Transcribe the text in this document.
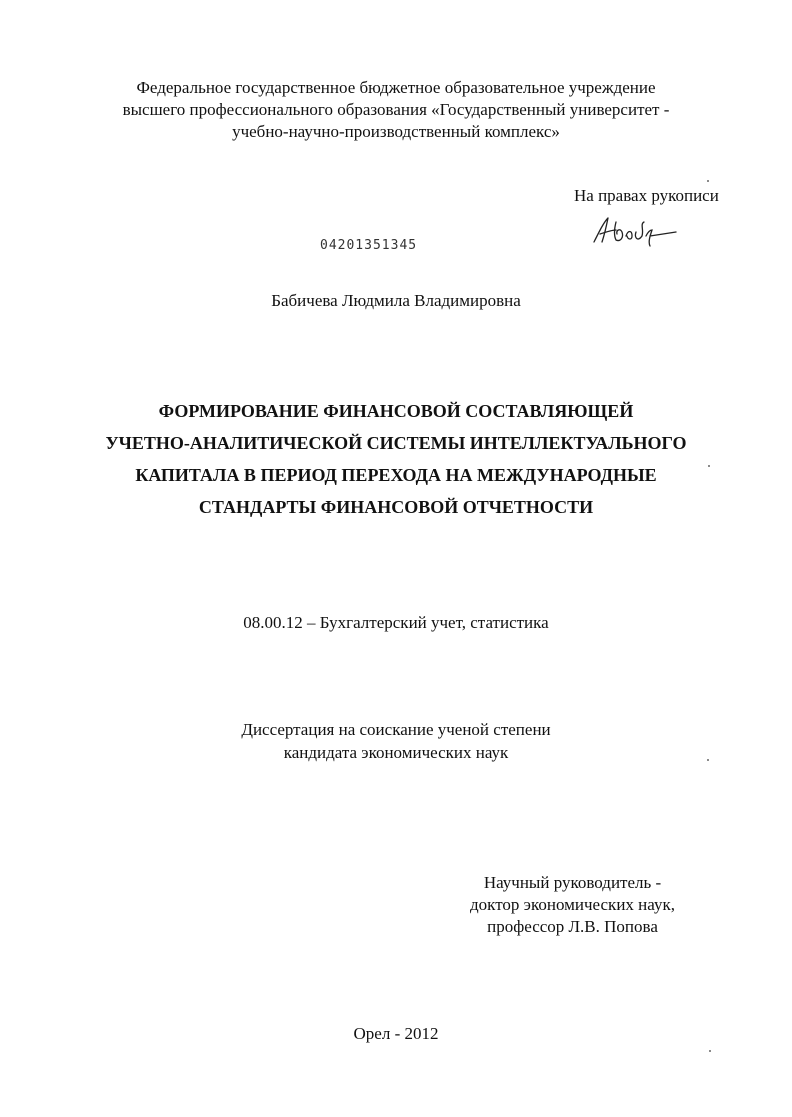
Федеральное государственное бюджетное образовательное учреждение
высшего профессионального образования «Государственный университет -
учебно-научно-производственный комплекс»
На правах рукописи
04201351345
Бабичева Людмила Владимировна
ФОРМИРОВАНИЕ ФИНАНСОВОЙ СОСТАВЛЯЮЩЕЙ
УЧЕТНО-АНАЛИТИЧЕСКОЙ СИСТЕМЫ ИНТЕЛЛЕКТУАЛЬНОГО
КАПИТАЛА В ПЕРИОД ПЕРЕХОДА НА МЕЖДУНАРОДНЫЕ
СТАНДАРТЫ ФИНАНСОВОЙ ОТЧЕТНОСТИ
08.00.12 – Бухгалтерский учет, статистика
Диссертация на соискание ученой степени
кандидата экономических наук
Научный руководитель -
доктор экономических наук,
профессор Л.В. Попова
Орел - 2012
